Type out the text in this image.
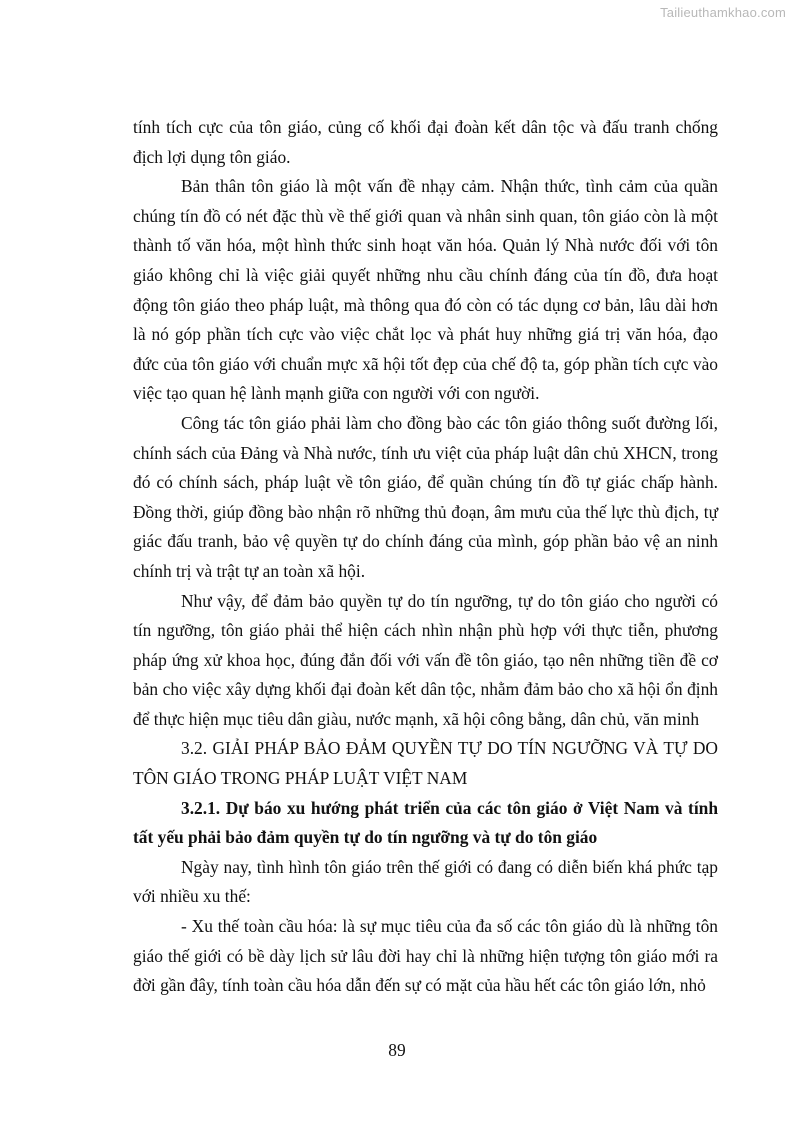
Tailieuthamkhao.com

tính tích cực của tôn giáo, củng cố khối đại đoàn kết dân tộc và đấu tranh chống địch lợi dụng tôn giáo.

Bản thân tôn giáo là một vấn đề nhạy cảm. Nhận thức, tình cảm của quần chúng tín đồ có nét đặc thù về thế giới quan và nhân sinh quan, tôn giáo còn là một thành tố văn hóa, một hình thức sinh hoạt văn hóa. Quản lý Nhà nước đối với tôn giáo không chỉ là việc giải quyết những nhu cầu chính đáng của tín đồ, đưa hoạt động tôn giáo theo pháp luật, mà thông qua đó còn có tác dụng cơ bản, lâu dài hơn là nó góp phần tích cực vào việc chắt lọc và phát huy những giá trị văn hóa, đạo đức của tôn giáo với chuẩn mực xã hội tốt đẹp của chế độ ta, góp phần tích cực vào việc tạo quan hệ lành mạnh giữa con người với con người.

Công tác tôn giáo phải làm cho đồng bào các tôn giáo thông suốt đường lối, chính sách của Đảng và Nhà nước, tính ưu việt của pháp luật dân chủ XHCN, trong đó có chính sách, pháp luật về tôn giáo, để quần chúng tín đồ tự giác chấp hành. Đồng thời, giúp đồng bào nhận rõ những thủ đoạn, âm mưu của thế lực thù địch, tự giác đấu tranh, bảo vệ quyền tự do chính đáng của mình, góp phần bảo vệ an ninh chính trị và trật tự an toàn xã hội.

Như vậy, để đảm bảo quyền tự do tín ngưỡng, tự do tôn giáo cho người có tín ngưỡng, tôn giáo phải thể hiện cách nhìn nhận phù hợp với thực tiễn, phương pháp ứng xử khoa học, đúng đắn đối với vấn đề tôn giáo, tạo nên những tiền đề cơ bản cho việc xây dựng khối đại đoàn kết dân tộc, nhằm đảm bảo cho xã hội ổn định để thực hiện mục tiêu dân giàu, nước mạnh, xã hội công bằng, dân chủ, văn minh

3.2. GIẢI PHÁP BẢO ĐẢM QUYỀN TỰ DO TÍN NGƯỠNG VÀ TỰ DO TÔN GIÁO TRONG PHÁP LUẬT VIỆT NAM

3.2.1. Dự báo xu hướng phát triển của các tôn giáo ở Việt Nam và tính tất yếu phải bảo đảm quyền tự do tín ngưỡng và tự do tôn giáo

Ngày nay, tình hình tôn giáo trên thế giới có đang có diễn biến khá phức tạp với nhiều xu thế:

- Xu thế toàn cầu hóa: là sự mục tiêu của đa số các tôn giáo dù là những tôn giáo thế giới có bề dày lịch sử lâu đời hay chỉ là những hiện tượng tôn giáo mới ra đời gần đây, tính toàn cầu hóa dẫn đến sự có mặt của hầu hết các tôn giáo lớn, nhỏ

89
